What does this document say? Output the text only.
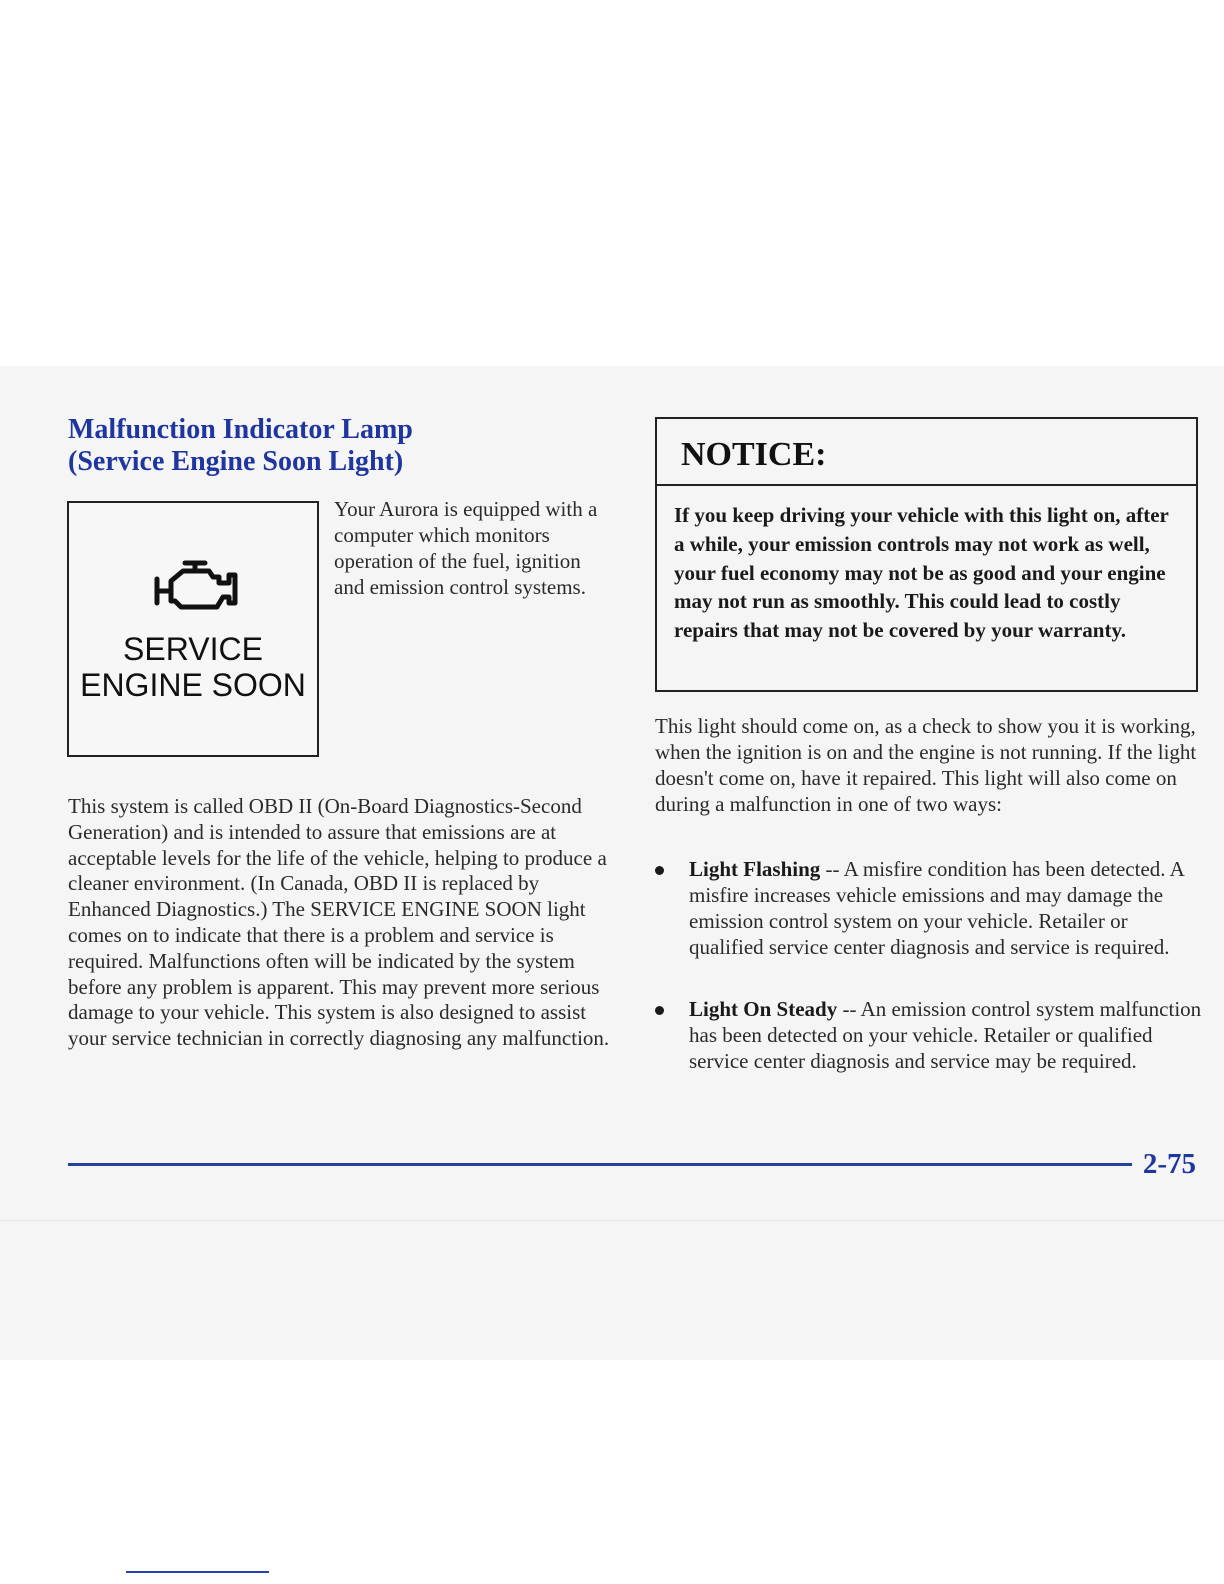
Malfunction Indicator Lamp
(Service Engine Soon Light)
SERVICE
ENGINE SOON

Your Aurora is equipped with a computer which monitors operation of the fuel, ignition and emission control systems.

This system is called OBD II (On-Board Diagnostics-Second Generation) and is intended to assure that emissions are at acceptable levels for the life of the vehicle, helping to produce a cleaner environment. (In Canada, OBD II is replaced by Enhanced Diagnostics.) The SERVICE ENGINE SOON light comes on to indicate that there is a problem and service is required. Malfunctions often will be indicated by the system before any problem is apparent. This may prevent more serious damage to your vehicle. This system is also designed to assist your service technician in correctly diagnosing any malfunction.

NOTICE:

If you keep driving your vehicle with this light on, after a while, your emission controls may not work as well, your fuel economy may not be as good and your engine may not run as smoothly. This could lead to costly repairs that may not be covered by your warranty.

This light should come on, as a check to show you it is working, when the ignition is on and the engine is not running. If the light doesn't come on, have it repaired. This light will also come on during a malfunction in one of two ways:

Light Flashing -- A misfire condition has been detected. A misfire increases vehicle emissions and may damage the emission control system on your vehicle. Retailer or qualified service center diagnosis and service is required.

Light On Steady -- An emission control system malfunction has been detected on your vehicle. Retailer or qualified service center diagnosis and service may be required.

2-75
